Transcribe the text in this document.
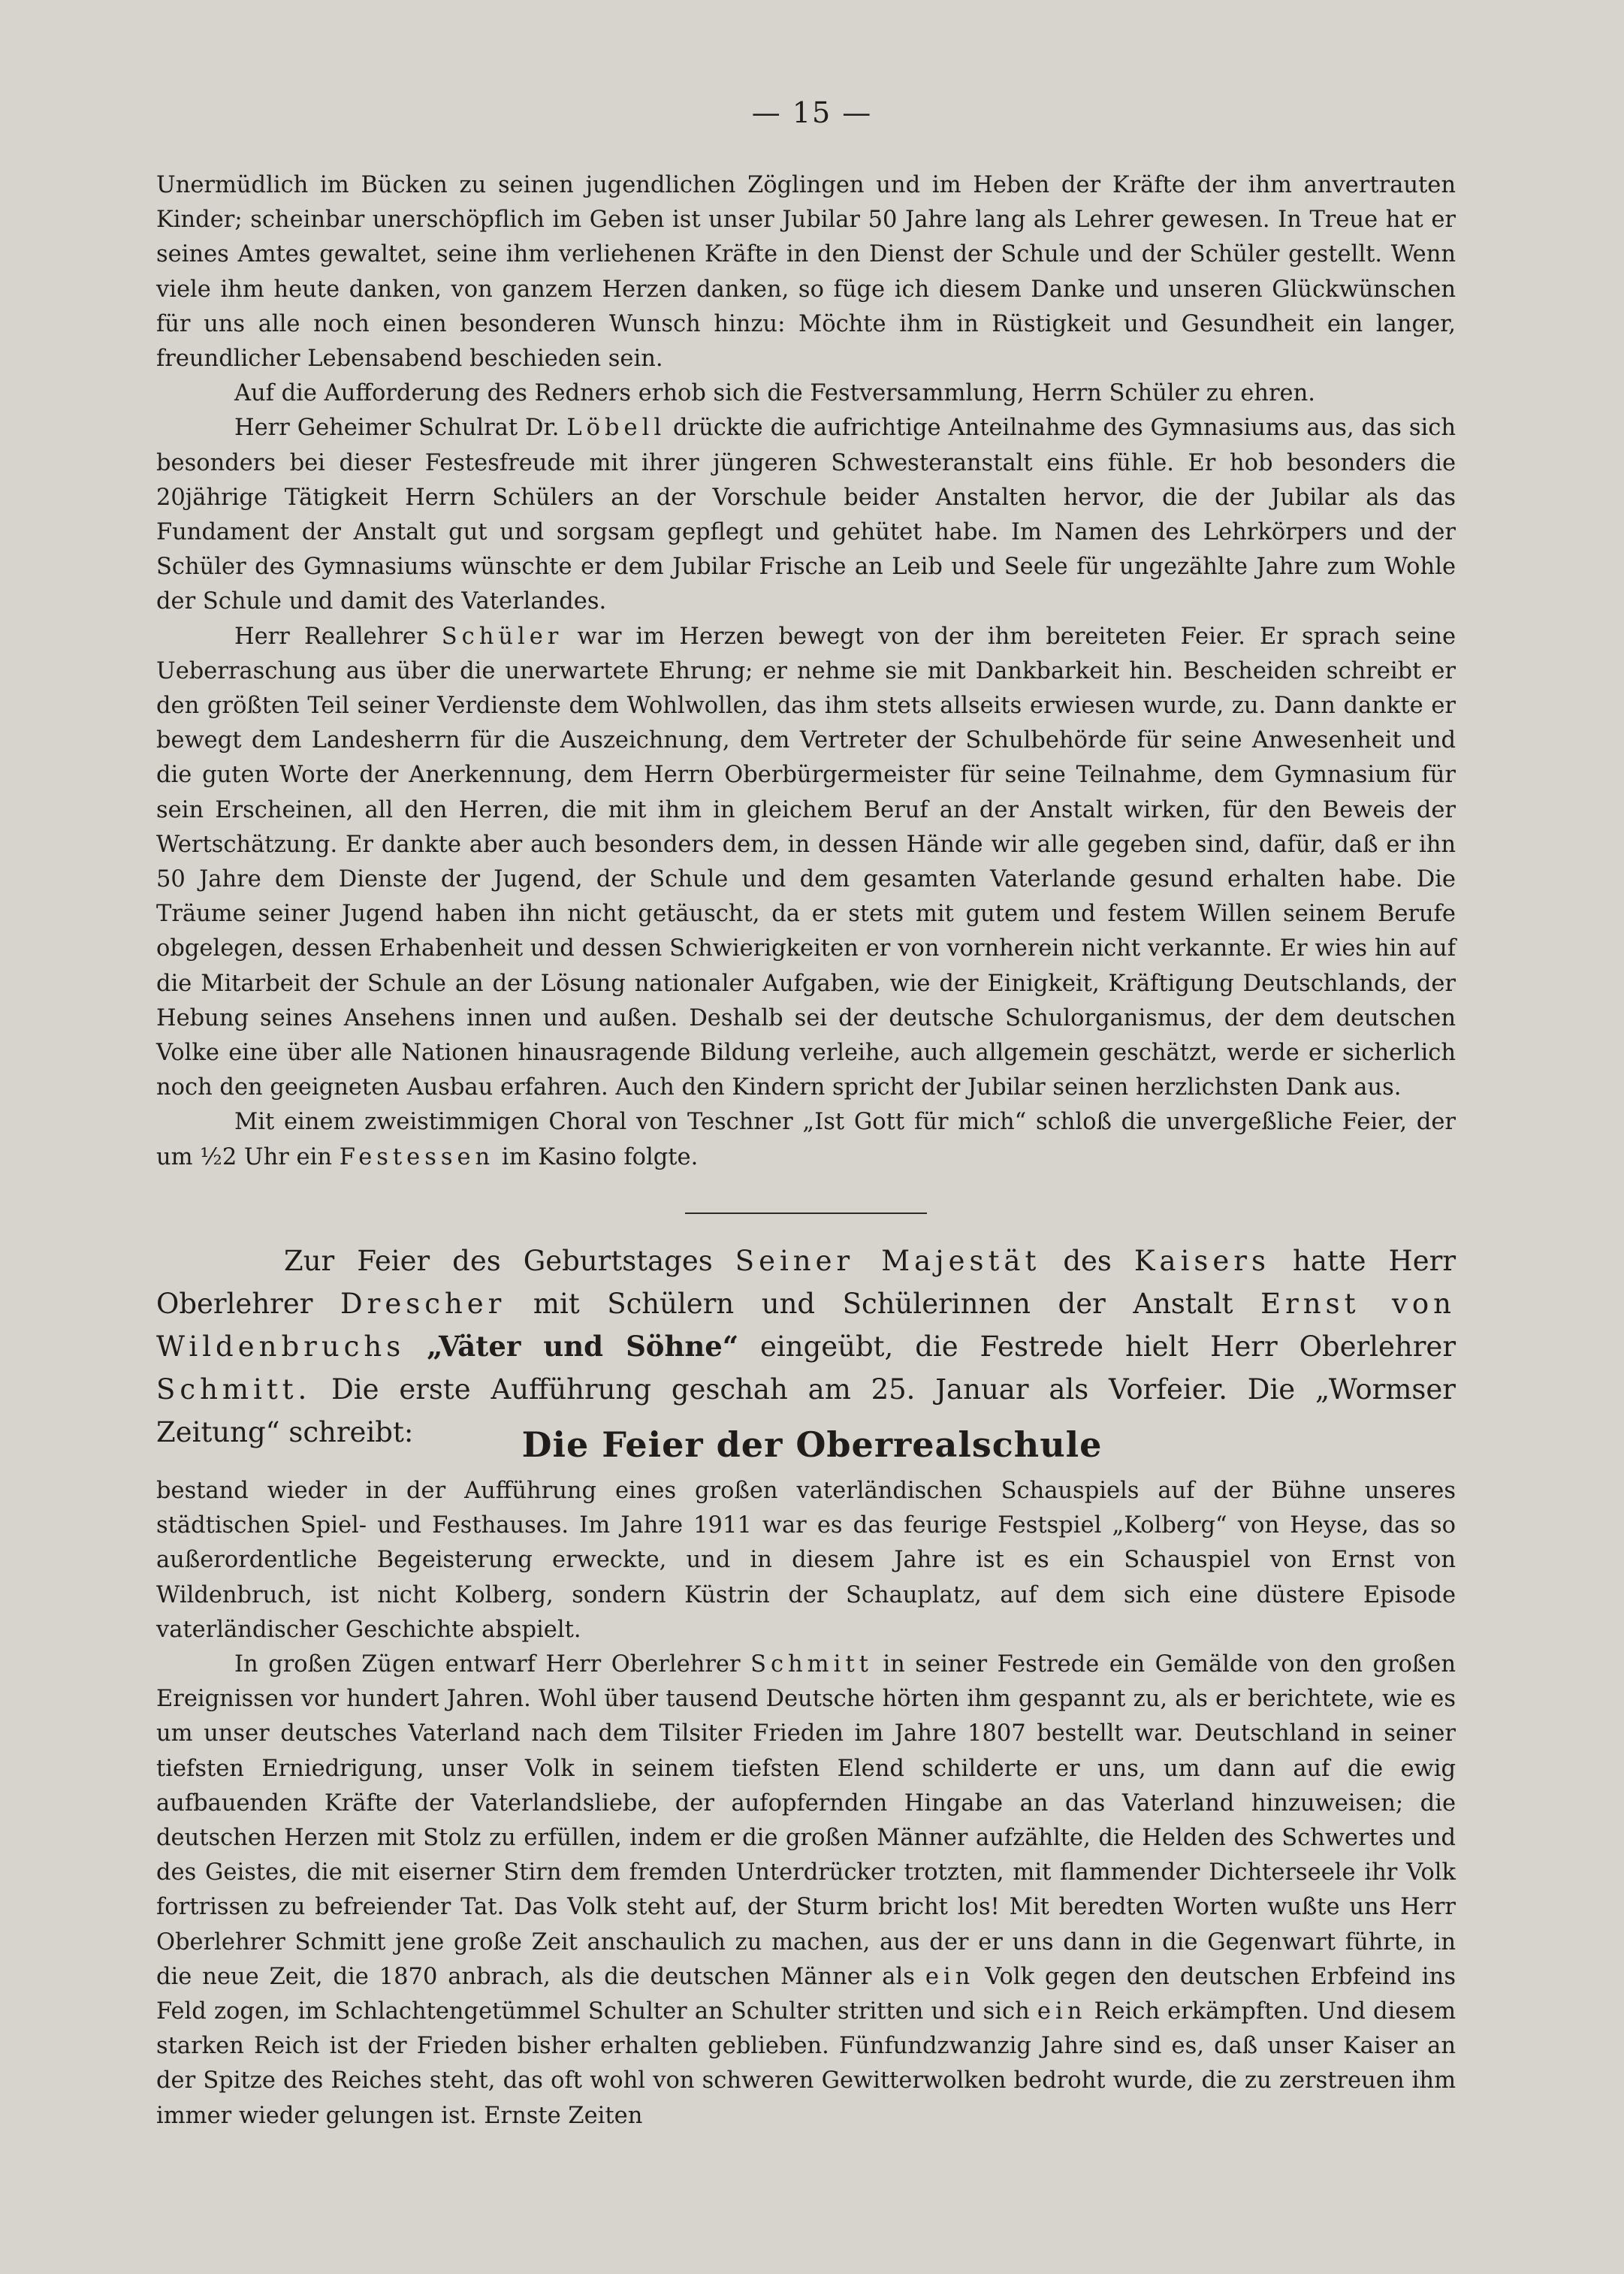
— 15 —

Unermüdlich im Bücken zu seinen jugendlichen Zöglingen und im Heben der Kräfte der ihm anvertrauten Kinder; scheinbar unerschöpflich im Geben ist unser Jubilar 50 Jahre lang als Lehrer gewesen. In Treue hat er seines Amtes gewaltet, seine ihm verliehenen Kräfte in den Dienst der Schule und der Schüler gestellt. Wenn viele ihm heute danken, von ganzem Herzen danken, so füge ich diesem Danke und unseren Glückwünschen für uns alle noch einen besonderen Wunsch hinzu: Möchte ihm in Rüstigkeit und Gesundheit ein langer, freundlicher Lebensabend beschieden sein.

Auf die Aufforderung des Redners erhob sich die Festversammlung, Herrn Schüler zu ehren.

Herr Geheimer Schulrat Dr. Löbell drückte die aufrichtige Anteilnahme des Gymnasiums aus, das sich besonders bei dieser Festesfreude mit ihrer jüngeren Schwesteranstalt eins fühle. Er hob besonders die 20jährige Tätigkeit Herrn Schülers an der Vorschule beider Anstalten hervor, die der Jubilar als das Fundament der Anstalt gut und sorgsam gepflegt und gehütet habe. Im Namen des Lehrkörpers und der Schüler des Gymnasiums wünschte er dem Jubilar Frische an Leib und Seele für ungezählte Jahre zum Wohle der Schule und damit des Vaterlandes.

Herr Reallehrer Schüler war im Herzen bewegt von der ihm bereiteten Feier. Er sprach seine Ueberraschung aus über die unerwartete Ehrung; er nehme sie mit Dankbarkeit hin. Bescheiden schreibt er den größten Teil seiner Verdienste dem Wohlwollen, das ihm stets allseits erwiesen wurde, zu. Dann dankte er bewegt dem Landesherrn für die Auszeichnung, dem Vertreter der Schulbehörde für seine Anwesenheit und die guten Worte der Anerkennung, dem Herrn Oberbürgermeister für seine Teilnahme, dem Gymnasium für sein Erscheinen, all den Herren, die mit ihm in gleichem Beruf an der Anstalt wirken, für den Beweis der Wertschätzung. Er dankte aber auch besonders dem, in dessen Hände wir alle gegeben sind, dafür, daß er ihn 50 Jahre dem Dienste der Jugend, der Schule und dem gesamten Vaterlande gesund erhalten habe. Die Träume seiner Jugend haben ihn nicht getäuscht, da er stets mit gutem und festem Willen seinem Berufe obgelegen, dessen Erhabenheit und dessen Schwierigkeiten er von vornherein nicht verkannte. Er wies hin auf die Mitarbeit der Schule an der Lösung nationaler Aufgaben, wie der Einigkeit, Kräftigung Deutschlands, der Hebung seines Ansehens innen und außen. Deshalb sei der deutsche Schulorganismus, der dem deutschen Volke eine über alle Nationen hinausragende Bildung verleihe, auch allgemein geschätzt, werde er sicherlich noch den geeigneten Ausbau erfahren. Auch den Kindern spricht der Jubilar seinen herzlichsten Dank aus.

Mit einem zweistimmigen Choral von Teschner „Ist Gott für mich“ schloß die unvergeßliche Feier, der um ½2 Uhr ein Festessen im Kasino folgte.

Zur Feier des Geburtstages Seiner Majestät des Kaisers hatte Herr Oberlehrer Drescher mit Schülern und Schülerinnen der Anstalt Ernst von Wildenbruchs „Väter und Söhne“ eingeübt, die Festrede hielt Herr Oberlehrer Schmitt. Die erste Aufführung geschah am 25. Januar als Vorfeier. Die „Wormser Zeitung“ schreibt:	Die Feier der Oberrealschule

bestand wieder in der Aufführung eines großen vaterländischen Schauspiels auf der Bühne unseres städtischen Spiel- und Festhauses. Im Jahre 1911 war es das feurige Festspiel „Kolberg“ von Heyse, das so außerordentliche Begeisterung erweckte, und in diesem Jahre ist es ein Schauspiel von Ernst von Wildenbruch, ist nicht Kolberg, sondern Küstrin der Schauplatz, auf dem sich eine düstere Episode vaterländischer Geschichte abspielt.

In großen Zügen entwarf Herr Oberlehrer Schmitt in seiner Festrede ein Gemälde von den großen Ereignissen vor hundert Jahren. Wohl über tausend Deutsche hörten ihm gespannt zu, als er berichtete, wie es um unser deutsches Vaterland nach dem Tilsiter Frieden im Jahre 1807 bestellt war. Deutschland in seiner tiefsten Erniedrigung, unser Volk in seinem tiefsten Elend schilderte er uns, um dann auf die ewig aufbauenden Kräfte der Vaterlandsliebe, der aufopfernden Hingabe an das Vaterland hinzuweisen; die deutschen Herzen mit Stolz zu erfüllen, indem er die großen Männer aufzählte, die Helden des Schwertes und des Geistes, die mit eiserner Stirn dem fremden Unterdrücker trotzten, mit flammender Dichterseele ihr Volk fortrissen zu befreiender Tat. Das Volk steht auf, der Sturm bricht los! Mit beredten Worten wußte uns Herr Oberlehrer Schmitt jene große Zeit anschaulich zu machen, aus der er uns dann in die Gegenwart führte, in die neue Zeit, die 1870 anbrach, als die deutschen Männer als ein Volk gegen den deutschen Erbfeind ins Feld zogen, im Schlachtengetümmel Schulter an Schulter stritten und sich ein Reich erkämpften. Und diesem starken Reich ist der Frieden bisher erhalten geblieben. Fünfundzwanzig Jahre sind es, daß unser Kaiser an der Spitze des Reiches steht, das oft wohl von schweren Gewitterwolken bedroht wurde, die zu zerstreuen ihm immer wieder gelungen ist. Ernste Zeiten
